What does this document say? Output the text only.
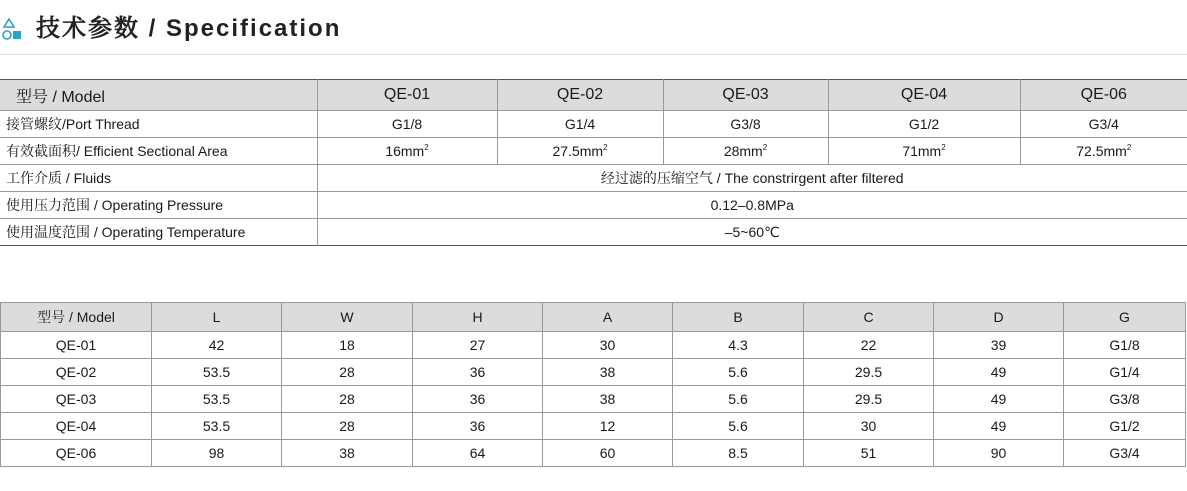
技术参数 / Specification
型号 / Model	QE-01	QE-02	QE-03	QE-04	QE-06
接管螺纹/Port Thread	G1/8	G1/4	G3/8	G1/2	G3/4
有效截面积/ Efficient Sectional Area	$16mm^2$	$27.5mm^2$	$28mm^2$	$71mm^2$	$72.5mm^2$
工作介质 / Fluids	经过滤的压缩空气 / The constrirgent after filtered				
使用压力范围 / Operating Pressure	0.12–0.8MPa				
使用温度范围 / Operating Temperature	–5~60℃				
型号 / Model	L	W	H	A	B	C	D	G
QE-01	42	18	27	30	4.3	22	39	G1/8
QE-02	53.5	28	36	38	5.6	29.5	49	G1/4
QE-03	53.5	28	36	38	5.6	29.5	49	G3/8
QE-04	53.5	28	36	12	5.6	30	49	G1/2
QE-06	98	38	64	60	8.5	51	90	G3/4
